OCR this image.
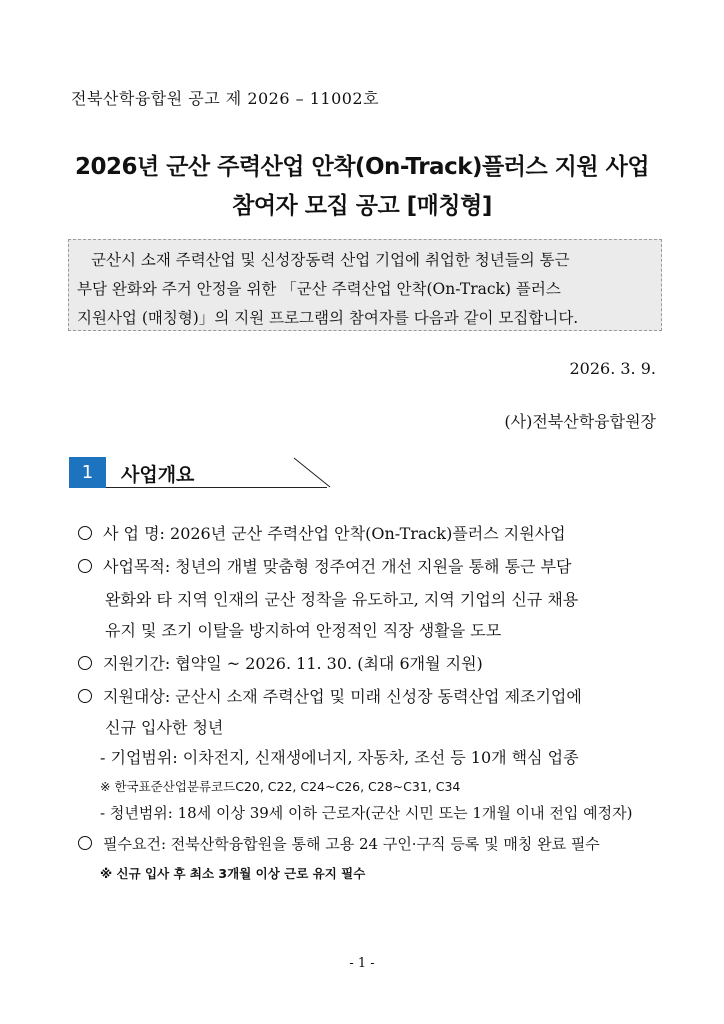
전북산학융합원 공고 제 2026 – 11002호
2026년 군산 주력산업 안착(On-Track)플러스 지원 사업
참여자 모집 공고 [매칭형]
군산시 소재 주력산업 및 신성장동력 산업 기업에 취업한 청년들의 통근
부담 완화와 주거 안정을 위한 「군산 주력산업 안착(On-Track) 플러스
지원사업 (매칭형)」의 지원 프로그램의 참여자를 다음과 같이 모집합니다.
2026. 3. 9.
(사)전북산학융합원장
1	사업개요
사 업 명: 2026년 군산 주력산업 안착(On-Track)플러스 지원사업
사업목적: 청년의 개별 맞춤형 정주여건 개선 지원을 통해 통근 부담
완화와 타 지역 인재의 군산 정착을 유도하고, 지역 기업의 신규 채용
유지 및 조기 이탈을 방지하여 안정적인 직장 생활을 도모
지원기간: 협약일 ~ 2026. 11. 30. (최대 6개월 지원)
지원대상: 군산시 소재 주력산업 및 미래 신성장 동력산업 제조기업에
신규 입사한 청년
- 기업범위: 이차전지, 신재생에너지, 자동차, 조선 등 10개 핵심 업종
※ 한국표준산업분류코드C20, C22, C24~C26, C28~C31, C34
- 청년범위: 18세 이상 39세 이하 근로자(군산 시민 또는 1개월 이내 전입 예정자)
필수요건: 전북산학융합원을 통해 고용 24 구인·구직 등록 및 매칭 완료 필수
※ 신규 입사 후 최소 3개월 이상 근로 유지 필수
- 1 -
